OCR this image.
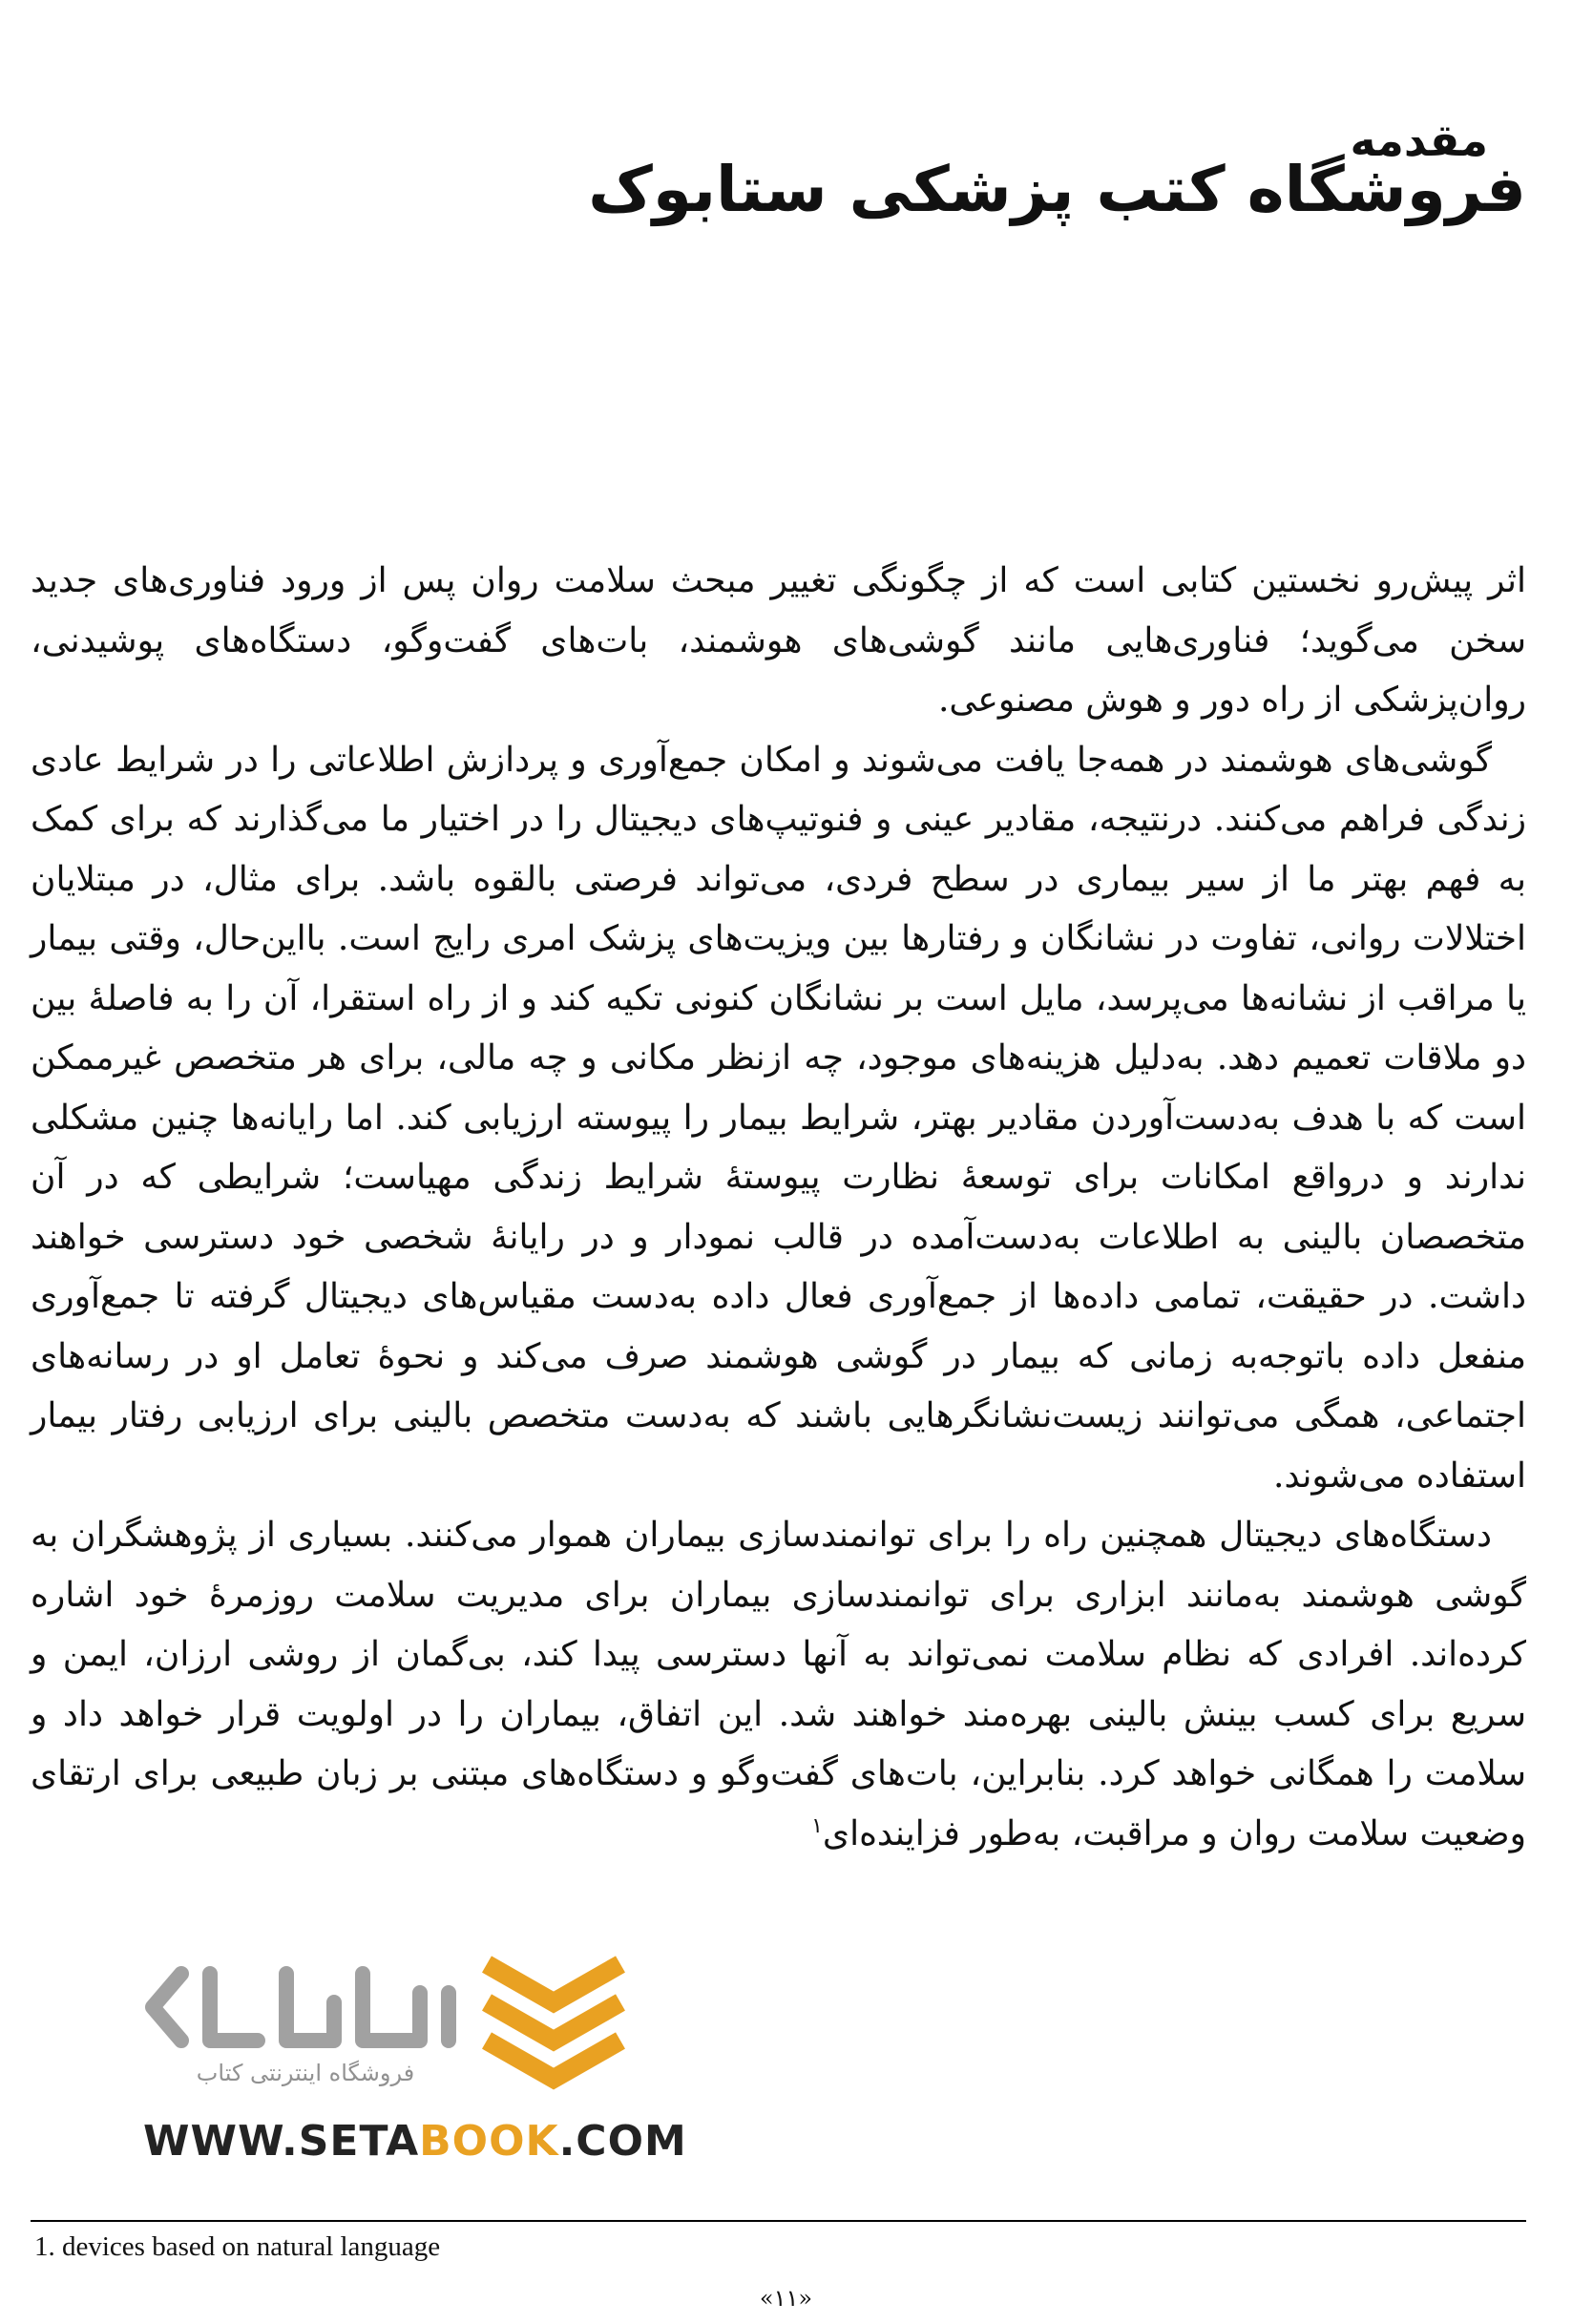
مقدمه
فروشگاه کتب پزشکی ستابوک

اثر پیش‌رو نخستین کتابی است که از چگونگی تغییر مبحث سلامت روان پس از ورود فناوری‌های جدید سخن می‌گوید؛ فناوری‌هایی مانند گوشی‌های هوشمند، بات‌های گفت‌وگو، دستگاه‌های پوشیدنی، روان‌پزشکی از راه دور و هوش مصنوعی.

گوشی‌های هوشمند در همه‌جا یافت می‌شوند و امکان جمع‌آوری و پردازش اطلاعاتی را در شرایط عادی زندگی فراهم می‌کنند. درنتیجه، مقادیر عینی و فنوتیپ‌های دیجیتال را در اختیار ما می‌گذارند که برای کمک به فهم بهتر ما از سیر بیماری در سطح فردی، می‌تواند فرصتی بالقوه باشد. برای مثال، در مبتلایان اختلالات روانی، تفاوت در نشانگان و رفتارها بین ویزیت‌های پزشک امری رایج است. بااین‌حال، وقتی بیمار یا مراقب از نشانه‌ها می‌پرسد، مایل است بر نشانگان کنونی تکیه کند و از راه استقرا، آن را به فاصلهٔ بین دو ملاقات تعمیم دهد. به‌دلیل هزینه‌های موجود، چه ازنظر مکانی و چه مالی، برای هر متخصص غیرممکن است که با هدف به‌دست‌آوردن مقادیر بهتر، شرایط بیمار را پیوسته ارزیابی کند. اما رایانه‌ها چنین مشکلی ندارند و درواقع امکانات برای توسعهٔ نظارت پیوستهٔ شرایط زندگی مهیاست؛ شرایطی که در آن متخصصان بالینی به اطلاعات به‌دست‌آمده در قالب نمودار و در رایانهٔ شخصی خود دسترسی خواهند داشت. در حقیقت، تمامی داده‌ها از جمع‌آوری فعال داده به‌دست مقیاس‌های دیجیتال گرفته تا جمع‌آوری منفعل داده باتوجه‌به زمانی که بیمار در گوشی هوشمند صرف می‌کند و نحوهٔ تعامل او در رسانه‌های اجتماعی، همگی می‌توانند زیست‌نشانگرهایی باشند که به‌دست متخصص بالینی برای ارزیابی رفتار بیمار استفاده می‌شوند.

دستگاه‌های دیجیتال همچنین راه را برای توانمندسازی بیماران هموار می‌کنند. بسیاری از پژوهشگران به گوشی هوشمند به‌مانند ابزاری برای توانمندسازی بیماران برای مدیریت سلامت روزمرهٔ خود اشاره کرده‌اند. افرادی که نظام سلامت نمی‌تواند به آنها دسترسی پیدا کند، بی‌گمان از روشی ارزان، ایمن و سریع برای کسب بینش بالینی بهره‌مند خواهند شد. این اتفاق، بیماران را در اولویت قرار خواهد داد و سلامت را همگانی خواهد کرد. بنابراین، بات‌های گفت‌وگو و دستگاه‌های مبتنی بر زبان طبیعی برای ارتقای وضعیت سلامت روان و مراقبت، به‌طور فزاینده‌ای$^۱$

فروشگاه اینترنتی کتاب
WWW.SETABOOK.COM
1. devices based on natural language
«۱۱»
